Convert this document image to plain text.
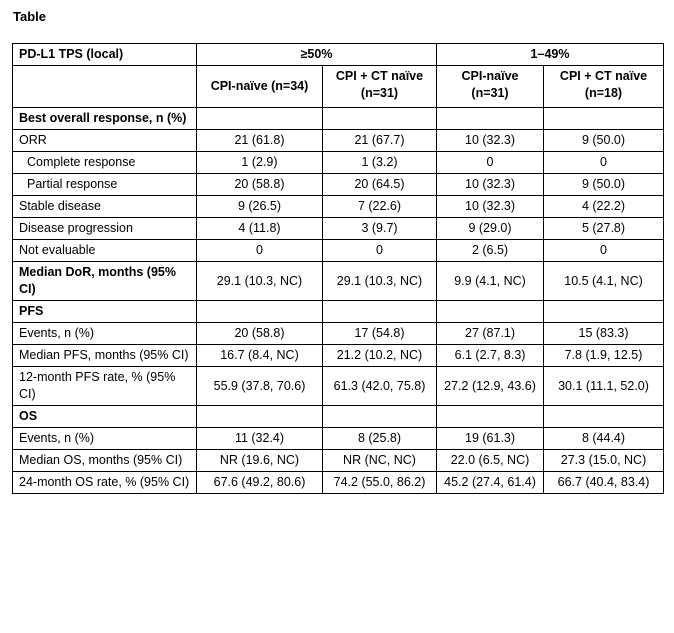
Table
PD-L1 TPS (local)	≥50%		1–49%	
	CPI-naïve (n=34)	CPI + CT naïve (n=31)	CPI-naïve (n=31)	CPI + CT naïve (n=18)
Best overall response, n (%)				
ORR	21 (61.8)	21 (67.7)	10 (32.3)	9 (50.0)
Complete response	1 (2.9)	1 (3.2)	0	0
Partial response	20 (58.8)	20 (64.5)	10 (32.3)	9 (50.0)
Stable disease	9 (26.5)	7 (22.6)	10 (32.3)	4 (22.2)
Disease progression	4 (11.8)	3 (9.7)	9 (29.0)	5 (27.8)
Not evaluable	0	0	2 (6.5)	0
Median DoR, months (95% CI)	29.1 (10.3, NC)	29.1 (10.3, NC)	9.9 (4.1, NC)	10.5 (4.1, NC)
PFS				
Events, n (%)	20 (58.8)	17 (54.8)	27 (87.1)	15 (83.3)
Median PFS, months (95% CI)	16.7 (8.4, NC)	21.2 (10.2, NC)	6.1 (2.7, 8.3)	7.8 (1.9, 12.5)
12-month PFS rate, % (95% CI)	55.9 (37.8, 70.6)	61.3 (42.0, 75.8)	27.2 (12.9, 43.6)	30.1 (11.1, 52.0)
OS				
Events, n (%)	11 (32.4)	8 (25.8)	19 (61.3)	8 (44.4)
Median OS, months (95% CI)	NR (19.6, NC)	NR (NC, NC)	22.0 (6.5, NC)	27.3 (15.0, NC)
24-month OS rate, % (95% CI)	67.6 (49.2, 80.6)	74.2 (55.0, 86.2)	45.2 (27.4, 61.4)	66.7 (40.4, 83.4)
